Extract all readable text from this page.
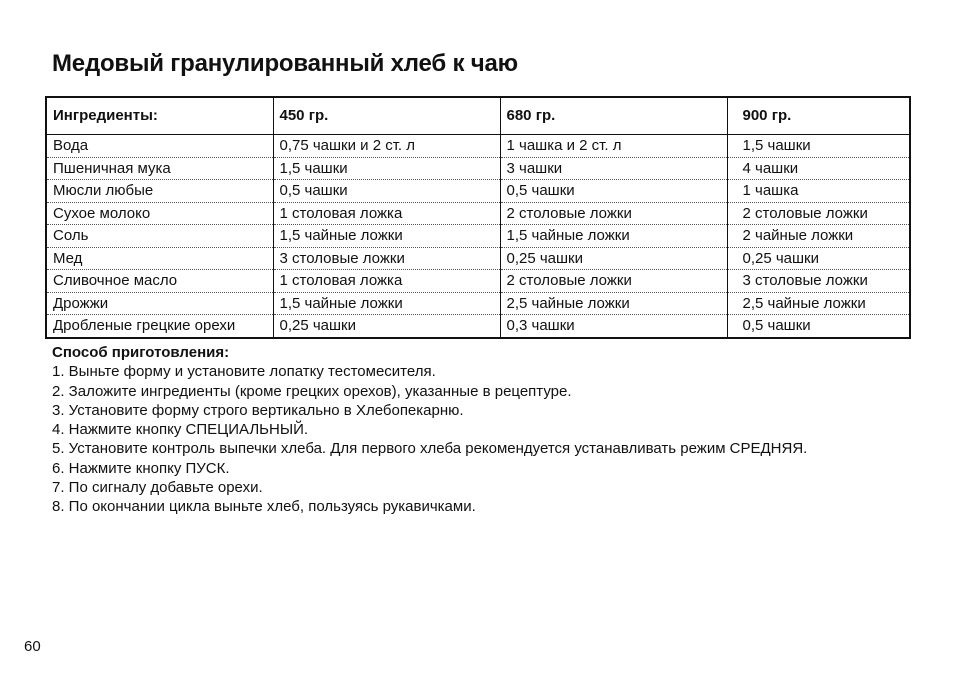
Медовый гранулированный хлеб к чаю
Ингредиенты:	450 гр.	680 гр.	900 гр.
Вода	0,75 чашки и 2 ст. л	1 чашка и 2 ст. л	1,5 чашки
Пшеничная мука	1,5 чашки	3 чашки	4 чашки
Мюсли любые	0,5 чашки	0,5 чашки	1 чашка
Сухое молоко	1 столовая ложка	2 столовые ложки	2 столовые ложки
Соль	1,5 чайные ложки	1,5 чайные ложки	2 чайные ложки
Мед	3 столовые ложки	0,25 чашки	0,25 чашки
Сливочное масло	1 столовая ложка	2 столовые ложки	3 столовые ложки
Дрожжи	1,5 чайные ложки	2,5 чайные ложки	2,5 чайные ложки
Дробленые грецкие орехи	0,25 чашки	0,3 чашки	0,5 чашки

Способ приготовления:

1. Выньте форму и установите лопатку тестомесителя.
2. Заложите ингредиенты (кроме грецких орехов), указанные в рецептуре.
3. Установите форму строго вертикально в Хлебопекарню.
4. Нажмите кнопку СПЕЦИАЛЬНЫЙ.
5. Установите контроль выпечки хлеба. Для первого хлеба рекомендуется устанавливать режим СРЕДНЯЯ.
6. Нажмите кнопку ПУСК.
7. По сигналу добавьте орехи.
8. По окончании цикла выньте хлеб, пользуясь рукавичками.
60
